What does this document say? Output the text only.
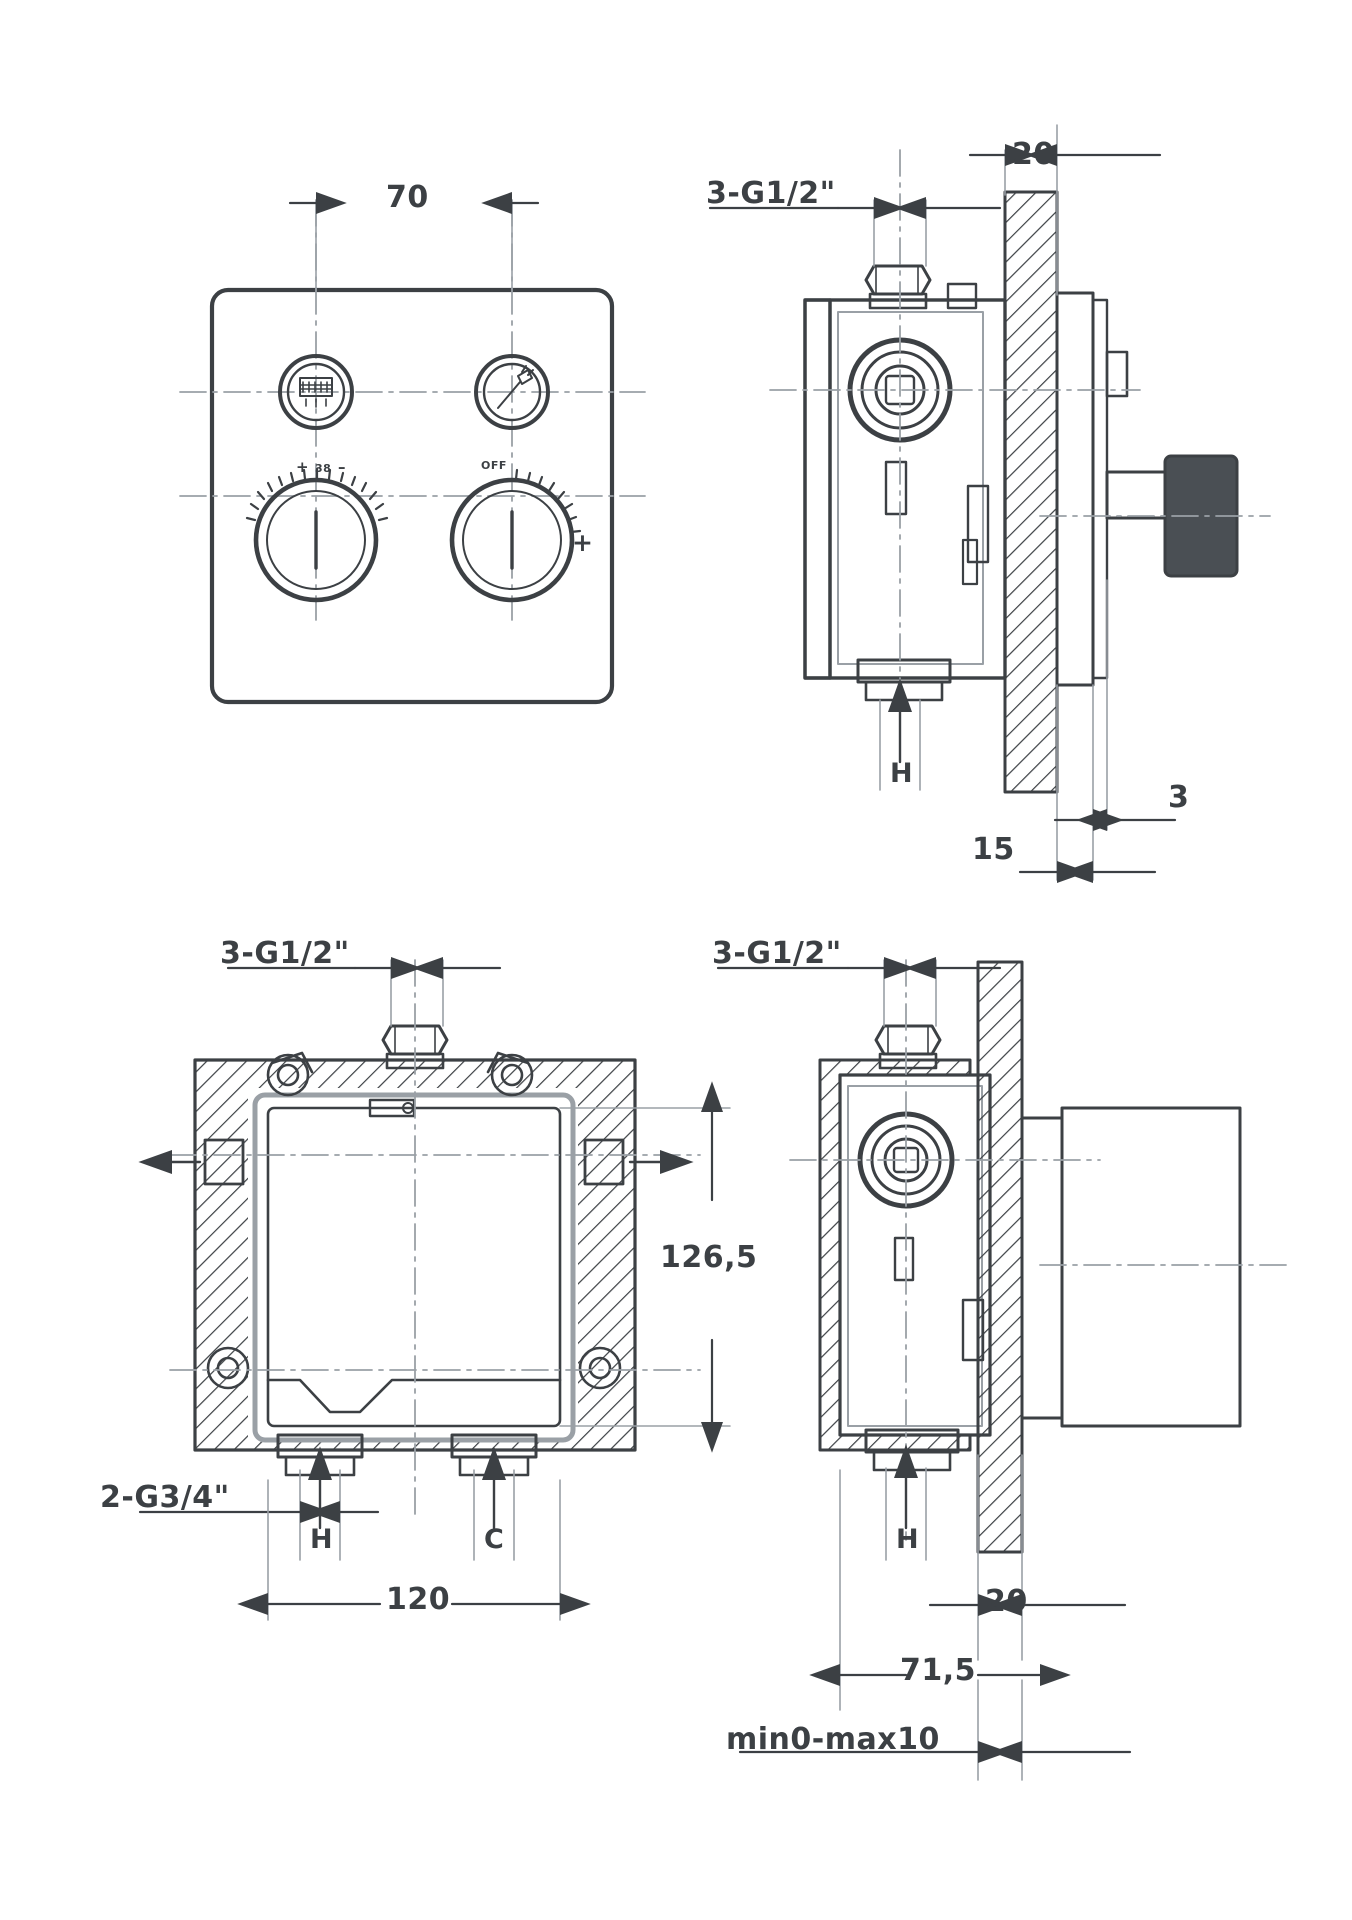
70
20
3-G1/2"
15
3
H
3-G1/2"
2-G3/4"
126,5
120
H	C
3-G1/2"
20
71,5
min0-max10
H
+ 38 –	OFF
+
